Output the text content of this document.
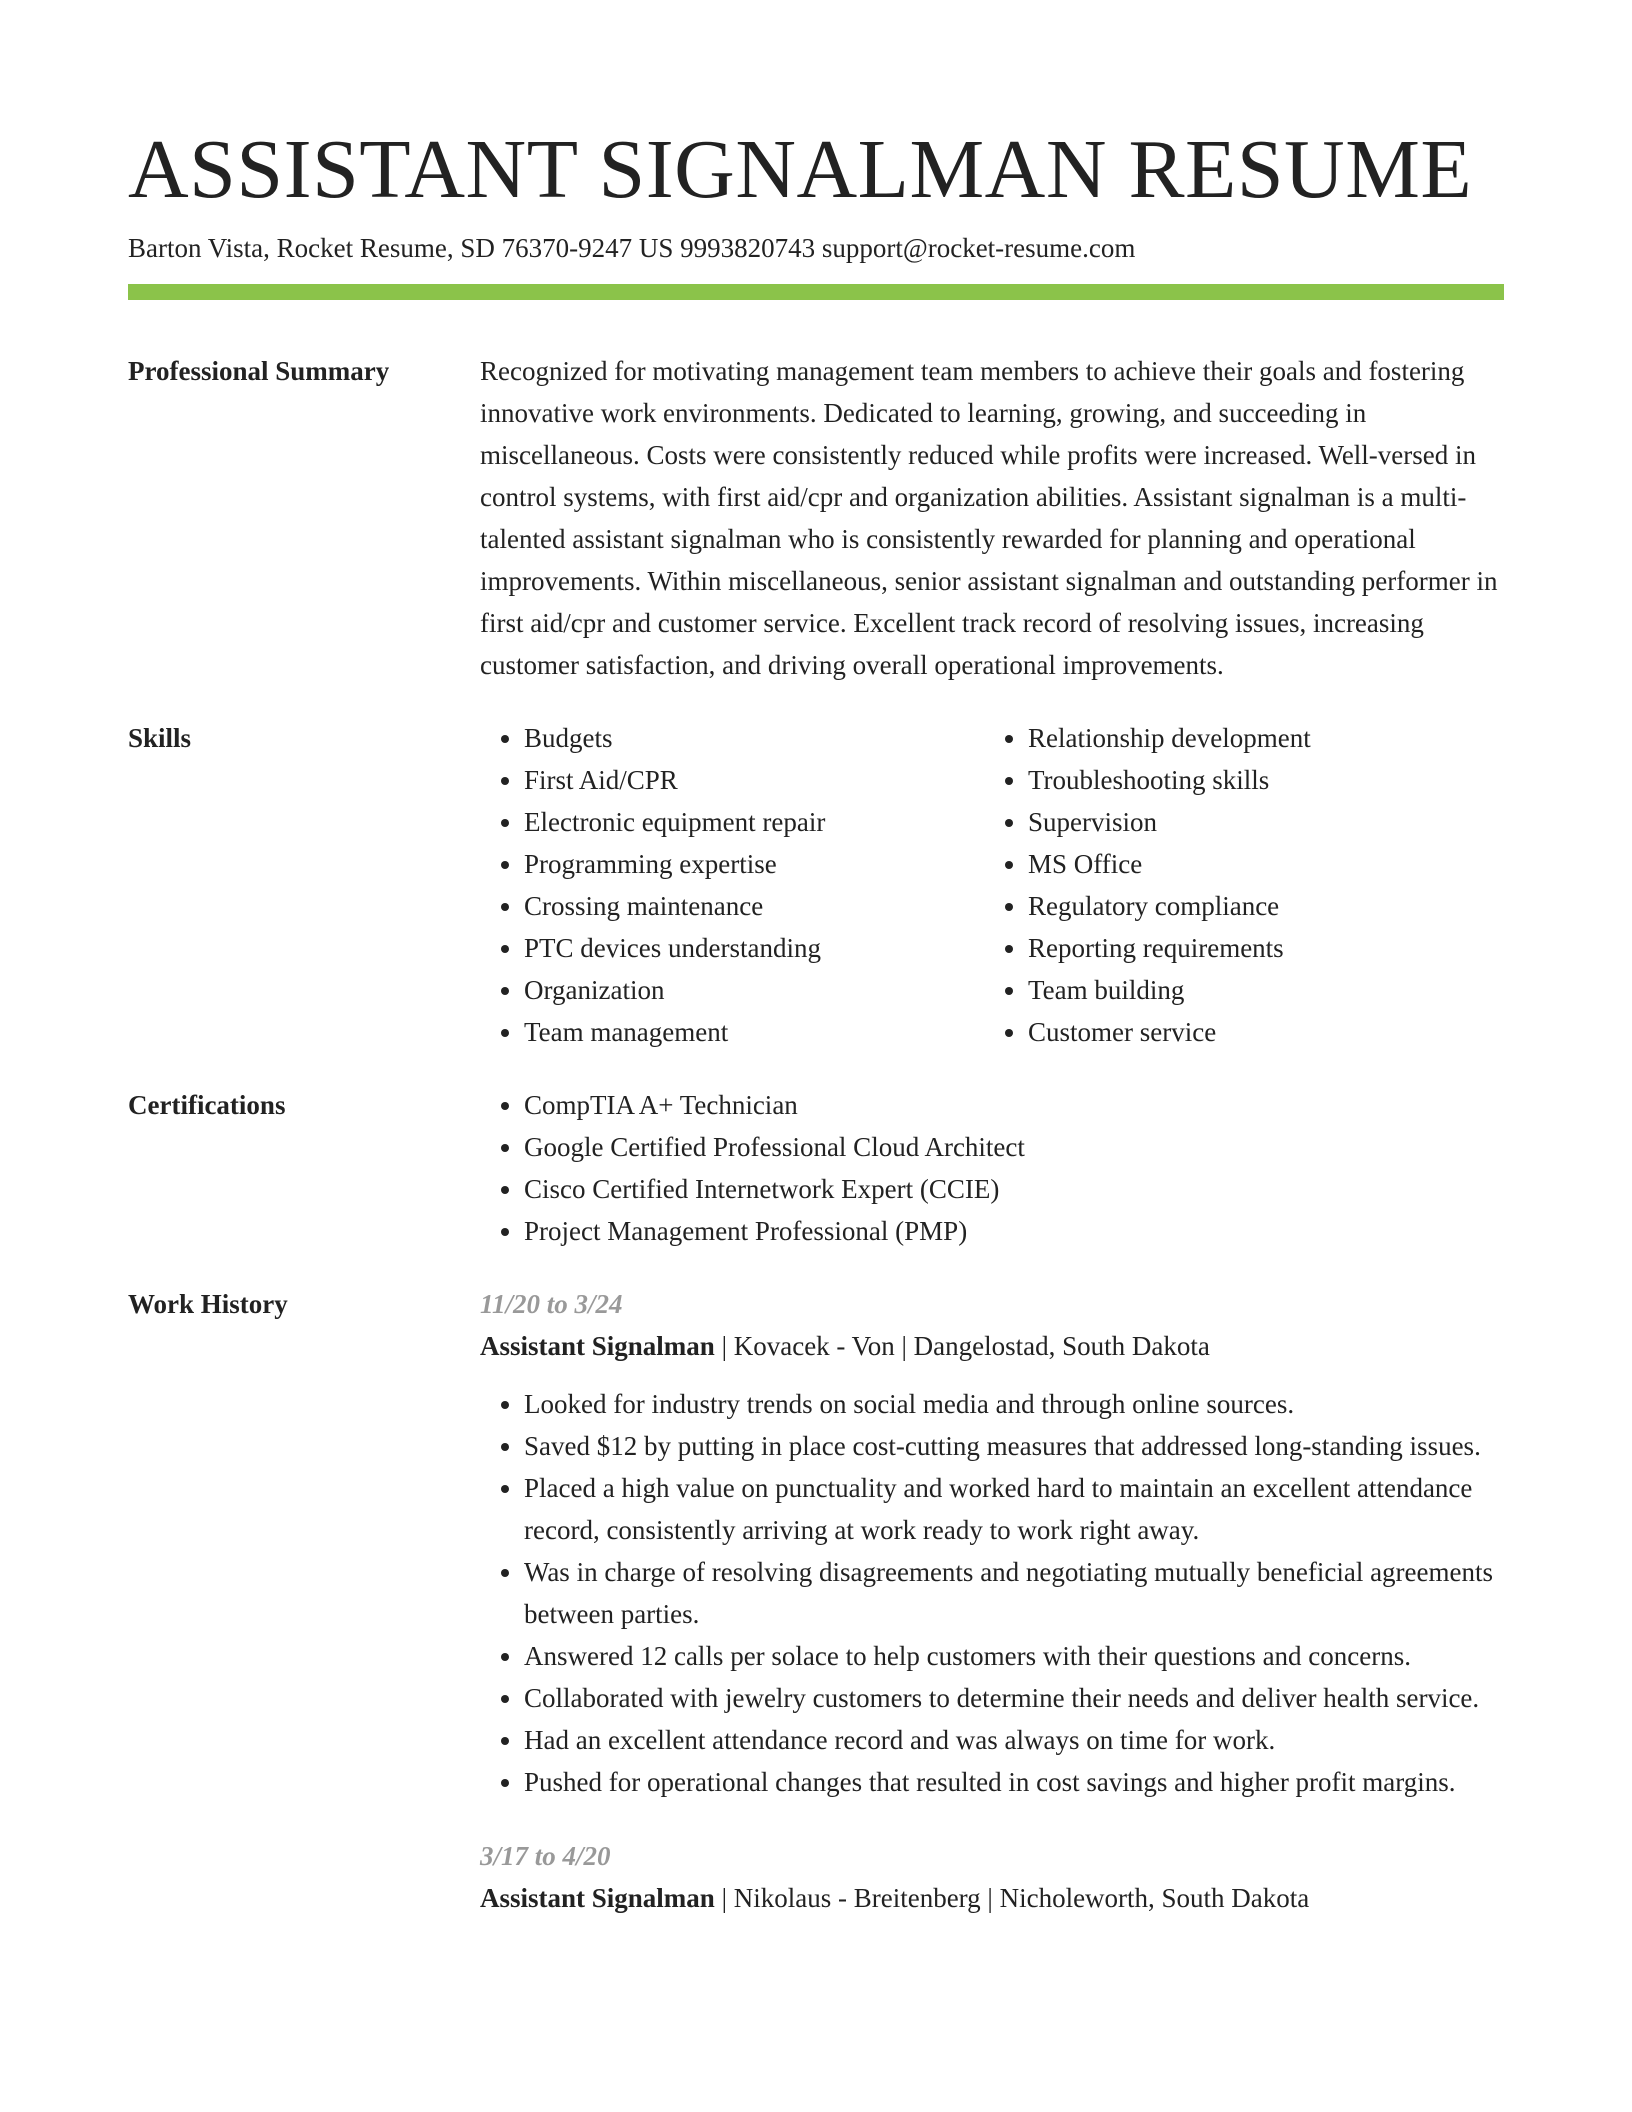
ASSISTANT SIGNALMAN RESUME
Barton Vista, Rocket Resume, SD 76370-9247 US 9993820743 support@rocket-resume.com
Professional Summary	Recognized for motivating management team members to achieve their goals and fostering innovative work environments. Dedicated to learning, growing, and succeeding in miscellaneous. Costs were consistently reduced while profits were increased. Well-versed in control systems, with first aid/cpr and organization abilities. Assistant signalman is a multi-talented assistant signalman who is consistently rewarded for planning and operational improvements. Within miscellaneous, senior assistant signalman and outstanding performer in first aid/cpr and customer service. Excellent track record of resolving issues, increasing customer satisfaction, and driving overall operational improvements.
Skills	• Budgets
• First Aid/CPR
• Electronic equipment repair
• Programming expertise
• Crossing maintenance
• PTC devices understanding
• Organization
• Team management
• Relationship development
• Troubleshooting skills
• Supervision
• MS Office
• Regulatory compliance
• Reporting requirements
• Team building
• Customer service
Certifications	• CompTIA A+ Technician
• Google Certified Professional Cloud Architect
• Cisco Certified Internetwork Expert (CCIE)
• Project Management Professional (PMP)
Work History	11/20 to 3/24
Assistant Signalman | Kovacek - Von | Dangelostad, South Dakota
• Looked for industry trends on social media and through online sources.
• Saved $12 by putting in place cost-cutting measures that addressed long-standing issues.
• Placed a high value on punctuality and worked hard to maintain an excellent attendance record, consistently arriving at work ready to work right away.
• Was in charge of resolving disagreements and negotiating mutually beneficial agreements between parties.
• Answered 12 calls per solace to help customers with their questions and concerns.
• Collaborated with jewelry customers to determine their needs and deliver health service.
• Had an excellent attendance record and was always on time for work.
• Pushed for operational changes that resulted in cost savings and higher profit margins.
3/17 to 4/20
Assistant Signalman | Nikolaus - Breitenberg | Nicholeworth, South Dakota
